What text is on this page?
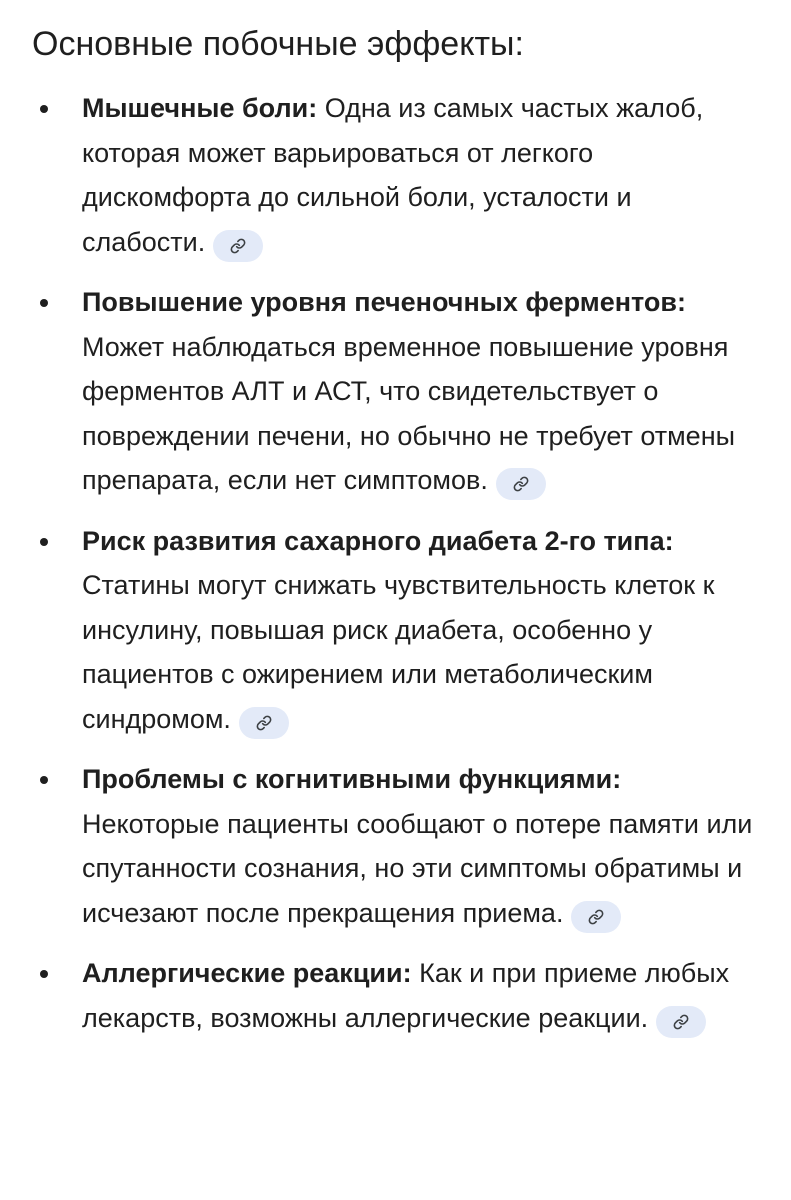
Основные побочные эффекты:
Мышечные боли: Одна из самых частых жалоб, которая может варьироваться от легкого дискомфорта до сильной боли, усталости и слабости.
Повышение уровня печеночных ферментов: Может наблюдаться временное повышение уровня ферментов АЛТ и АСТ, что свидетельствует о повреждении печени, но обычно не требует отмены препарата, если нет симптомов.
Риск развития сахарного диабета 2-го типа: Статины могут снижать чувствительность клеток к инсулину, повышая риск диабета, особенно у пациентов с ожирением или метаболическим синдромом.
Проблемы с когнитивными функциями: Некоторые пациенты сообщают о потере памяти или спутанности сознания, но эти симптомы обратимы и исчезают после прекращения приема.
Аллергические реакции: Как и при приеме любых лекарств, возможны аллергические реакции.
